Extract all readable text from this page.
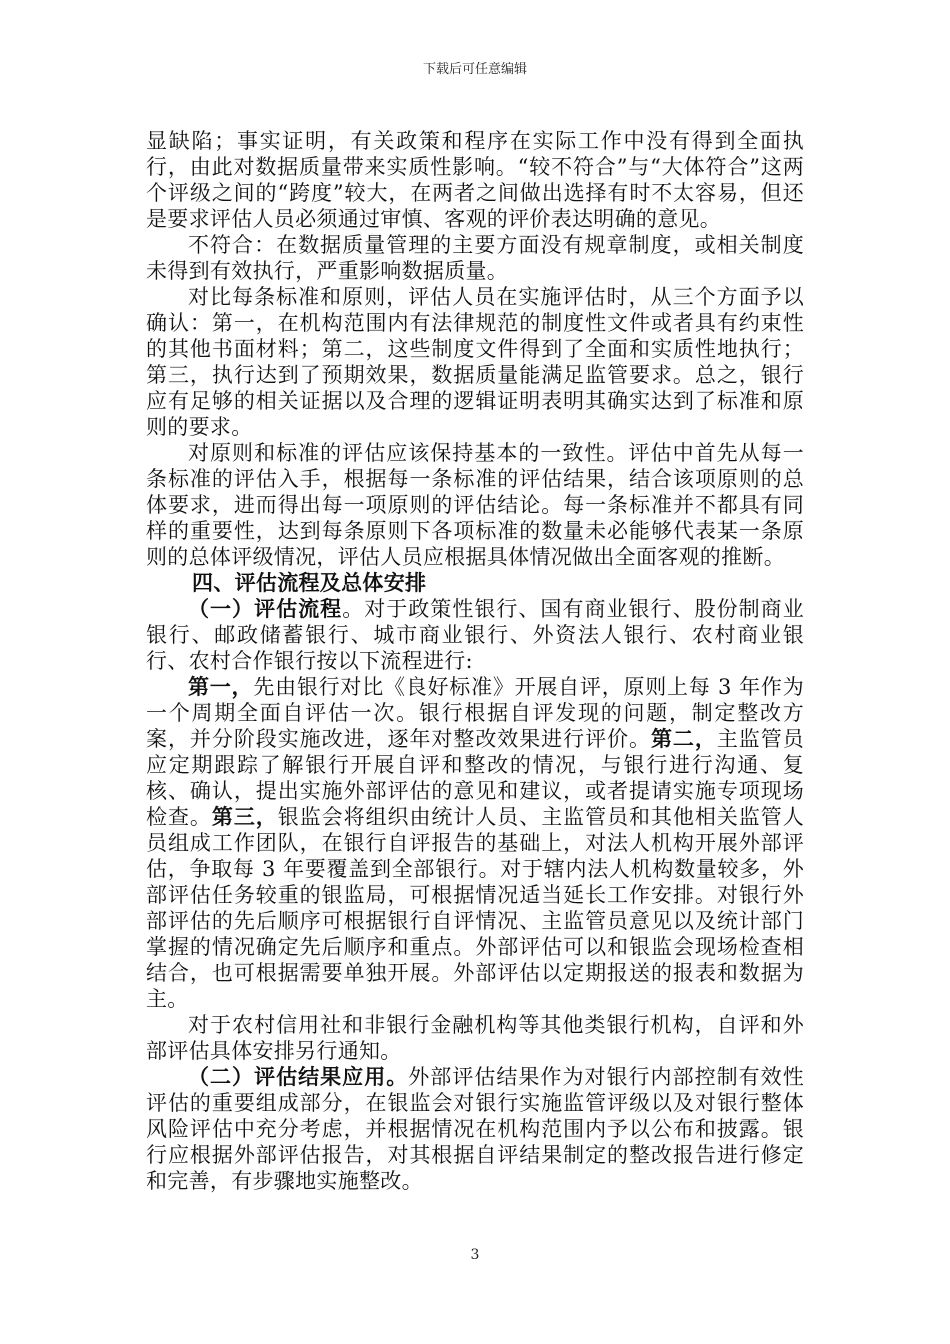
下载后可任意编辑

显缺陷；事实证明，有关政策和程序在实际工作中没有得到全面执行，由此对数据质量带来实质性影响。“较不符合”与“大体符合”这两个评级之间的“跨度”较大，在两者之间做出选择有时不太容易，但还是要求评估人员必须通过审慎、客观的评价表达明确的意见。

不符合：在数据质量管理的主要方面没有规章制度，或相关制度未得到有效执行，严重影响数据质量。

对比每条标准和原则，评估人员在实施评估时，从三个方面予以确认：第一，在机构范围内有法律规范的制度性文件或者具有约束性的其他书面材料；第二，这些制度文件得到了全面和实质性地执行；第三，执行达到了预期效果，数据质量能满足监管要求。总之，银行应有足够的相关证据以及合理的逻辑证明表明其确实达到了标准和原则的要求。

对原则和标准的评估应该保持基本的一致性。评估中首先从每一条标准的评估入手，根据每一条标准的评估结果，结合该项原则的总体要求，进而得出每一项原则的评估结论。每一条标准并不都具有同样的重要性，达到每条原则下各项标准的数量未必能够代表某一条原则的总体评级情况，评估人员应根据具体情况做出全面客观的推断。

四、评估流程及总体安排

（一）评估流程。对于政策性银行、国有商业银行、股份制商业银行、邮政储蓄银行、城市商业银行、外资法人银行、农村商业银行、农村合作银行按以下流程进行:

第一，先由银行对比《良好标准》开展自评，原则上每 3 年作为一个周期全面自评估一次。银行根据自评发现的问题，制定整改方案，并分阶段实施改进，逐年对整改效果进行评价。第二，主监管员应定期跟踪了解银行开展自评和整改的情况，与银行进行沟通、复核、确认，提出实施外部评估的意见和建议，或者提请实施专项现场检查。第三，银监会将组织由统计人员、主监管员和其他相关监管人员组成工作团队，在银行自评报告的基础上，对法人机构开展外部评估，争取每 3 年要覆盖到全部银行。对于辖内法人机构数量较多，外部评估任务较重的银监局，可根据情况适当延长工作安排。对银行外部评估的先后顺序可根据银行自评情况、主监管员意见以及统计部门掌握的情况确定先后顺序和重点。外部评估可以和银监会现场检查相结合，也可根据需要单独开展。外部评估以定期报送的报表和数据为主。

对于农村信用社和非银行金融机构等其他类银行机构，自评和外部评估具体安排另行通知。

（二）评估结果应用。外部评估结果作为对银行内部控制有效性评估的重要组成部分，在银监会对银行实施监管评级以及对银行整体风险评估中充分考虑，并根据情况在机构范围内予以公布和披露。银行应根据外部评估报告，对其根据自评结果制定的整改报告进行修定和完善，有步骤地实施整改。

3
